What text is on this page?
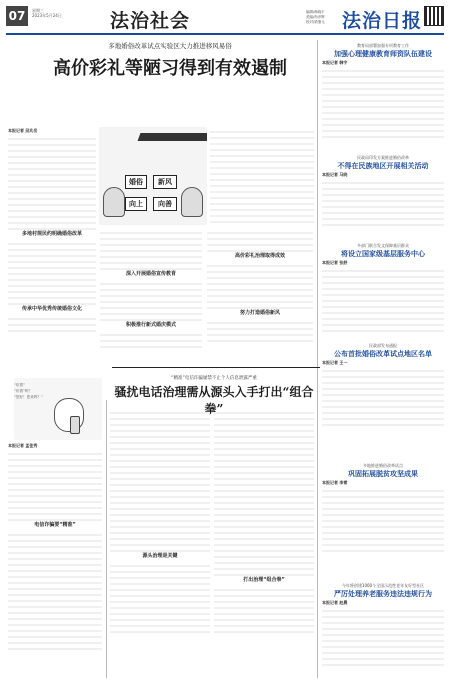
07	星期三
2023年5月24日	法治社会	编辑/韩晓宇
美编/尚彦辉
校对/梁继元 法治日报
多地婚俗改革试点实验区大力推进移风易俗
高价彩礼等陋习得到有效遏制
本报记者 邱兆岳
多地村规民约明确婚俗改革
传承中华优秀传统婚俗文化
深入开展婚俗宣传教育
积极推行新式婚庆模式
高价彩礼治理取得成效
努力打造婚俗新风
婚俗	新风
向上	向善
“精准”电信诈骗屡禁不止个人信息泄露严重
骚扰电话治理需从源头入手打出“组合拳”
“盯着”
“盯着”吗？
“您好！您来吗？”
本报记者 孟佳秀
电信诈骗要“精准”
源头治理是关键
打出治理“组合拳”
教育局部署加强专项教育工作
加强心理健康教育师资队伍建设
本报记者 韩宇
民政局印发方案推进婚俗改革
不得在民族地区开展相关活动
本报记者 马晓
多部门联合发文保障基层群众
将设立国家级基层服务中心
本报记者 张舒
民政部发布通报
公布首批婚俗改革试点地区名单
本报记者 王一
多地推进婚俗改革试点
巩固拓展脱贫攻坚成果
本报记者 李雪
今年将创建1000个全国示范性老年友好型社区
严厉处理养老服务违法违规行为
本报记者 赵晨
